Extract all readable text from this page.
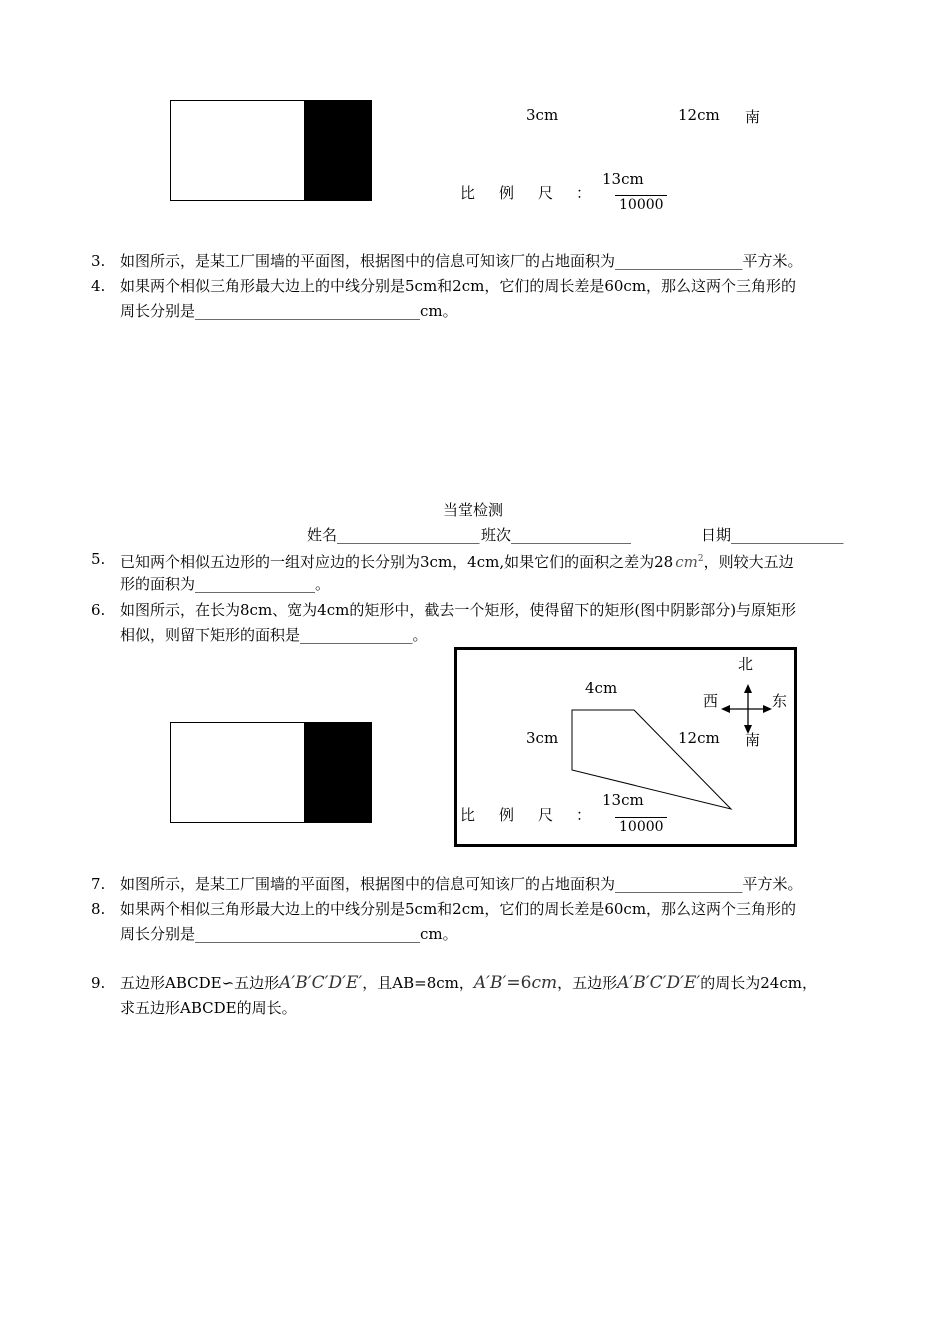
3cm	12cm 南
13cm
比 例 尺 ：
10000
3. 如图所示，是某工厂围墙的平面图，根据图中的信息可知该厂的占地面积为_________________平方米。
4. 如果两个相似三角形最大边上的中线分别是5cm和2cm，它们的周长差是60cm，那么这两个三角形的
周长分别是______________________________cm。
当堂检测
姓名___________________ 班次________________	日期_______________
5. 已知两个相似五边形的一组对应边的长分别为3cm，4cm,如果它们的面积之差为28 $cm^2$，则较大五边
形的面积为________________。
6. 如图所示，在长为8cm、宽为4cm的矩形中，截去一个矩形，使得留下的矩形(图中阴影部分)与原矩形
相似，则留下矩形的面积是_______________。
北
西	东
南
4cm
3cm	12cm
13cm
比 例 尺 ：
10000
7. 如图所示，是某工厂围墙的平面图，根据图中的信息可知该厂的占地面积为_________________平方米。
8. 如果两个相似三角形最大边上的中线分别是5cm和2cm，它们的周长差是60cm，那么这两个三角形的
周长分别是______________________________cm。
9. 五边形ABCDE∽五边形A′B′C′D′E′，且AB=8cm，A′B′=6cm，五边形A′B′C′D′E′的周长为24cm，
求五边形ABCDE的周长。
